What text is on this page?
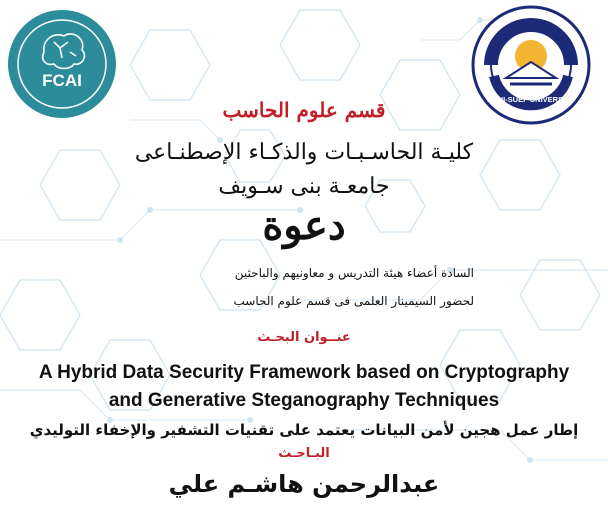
FCAI
BENI-SUEF UNIVERSITY
قسم علوم الحاسب
كليـة الحاسـبـات والذكـاء الإصطنـاعى
جامعـة بنى سـويف
دعوة
السادة أعضاء هيئة التدريس و معاونيهم والباحثين
لحضور السيمينار العلمى فى قسم علوم الحاسب
عنــوان البحـث
A Hybrid Data Security Framework based on Cryptography
and Generative Steganography Techniques
إطار عمل هجين لأمن البيانات يعتمد على تقنيات التشفير والإخفاء التوليدي
البـاحـث
عبدالرحمن هاشـم علي
